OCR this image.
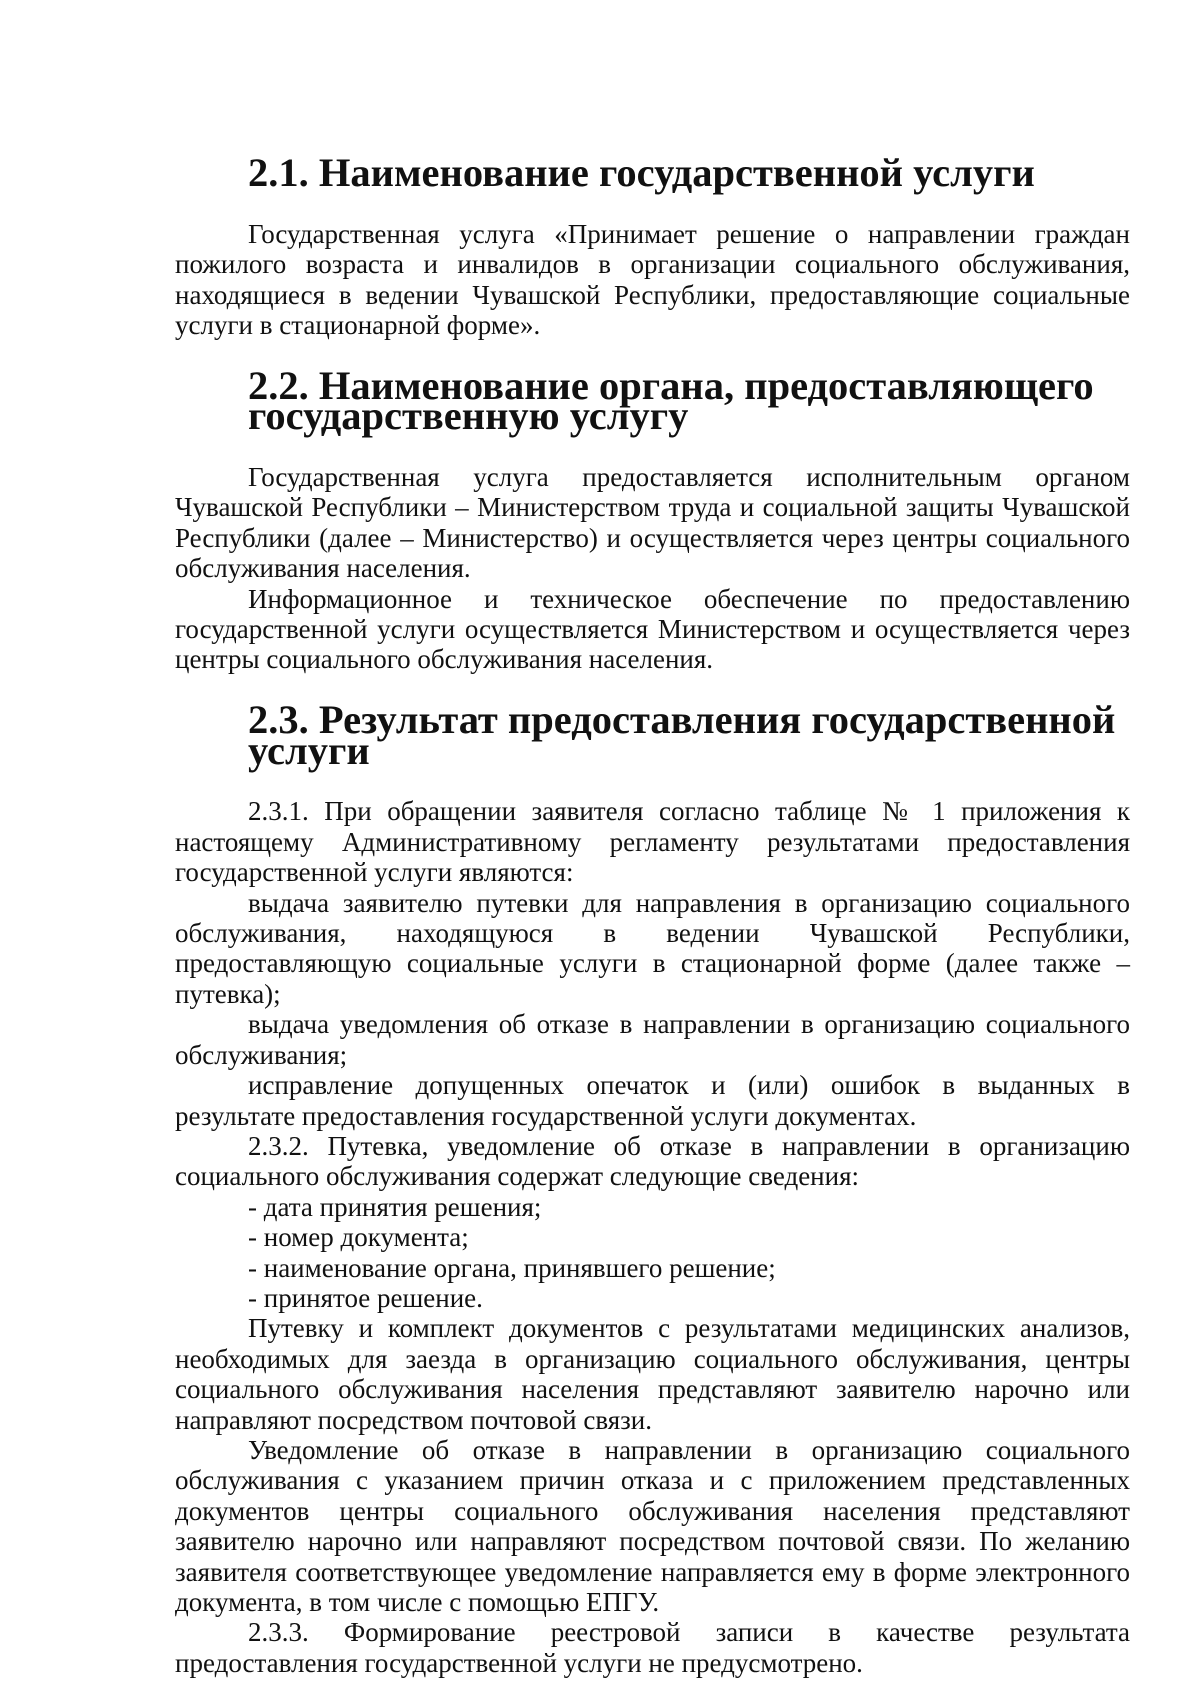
2.1. Наименование государственной услуги

Государственная услуга «Принимает решение о направлении граждан пожилого возраста и инвалидов в организации социального обслуживания, находящиеся в ведении Чувашской Республики, предоставляющие социальные услуги в стационарной форме».

2.2. Наименование органа, предоставляющего государственную услугу

Государственная услуга предоставляется исполнительным органом Чувашской Республики – Министерством труда и социальной защиты Чувашской Республики (далее – Министерство) и осуществляется через центры социального обслуживания населения.

Информационное и техническое обеспечение по предоставлению государственной услуги осуществляется Министерством и осуществляется через центры социального обслуживания населения.

2.3. Результат предоставления государственной услуги

2.3.1. При обращении заявителя согласно таблице № 1 приложения к настоящему Административному регламенту результатами предоставления государственной услуги являются:

выдача заявителю путевки для направления в организацию социального обслуживания, находящуюся в ведении Чувашской Республики, предоставляющую социальные услуги в стационарной форме (далее также – путевка);

выдача уведомления об отказе в направлении в организацию социального обслуживания;

исправление допущенных опечаток и (или) ошибок в выданных в результате предоставления государственной услуги документах.

2.3.2. Путевка, уведомление об отказе в направлении в организацию социального обслуживания содержат следующие сведения:

- дата принятия решения;

- номер документа;

- наименование органа, принявшего решение;

- принятое решение.

Путевку и комплект документов с результатами медицинских анализов, необходимых для заезда в организацию социального обслуживания, центры социального обслуживания населения представляют заявителю нарочно или направляют посредством почтовой связи.

Уведомление об отказе в направлении в организацию социального обслуживания с указанием причин отказа и с приложением представленных документов центры социального обслуживания населения представляют заявителю нарочно или направляют посредством почтовой связи. По желанию заявителя соответствующее уведомление направляется ему в форме электронного документа, в том числе с помощью ЕПГУ.

2.3.3. Формирование реестровой записи в качестве результата предоставления государственной услуги не предусмотрено.
